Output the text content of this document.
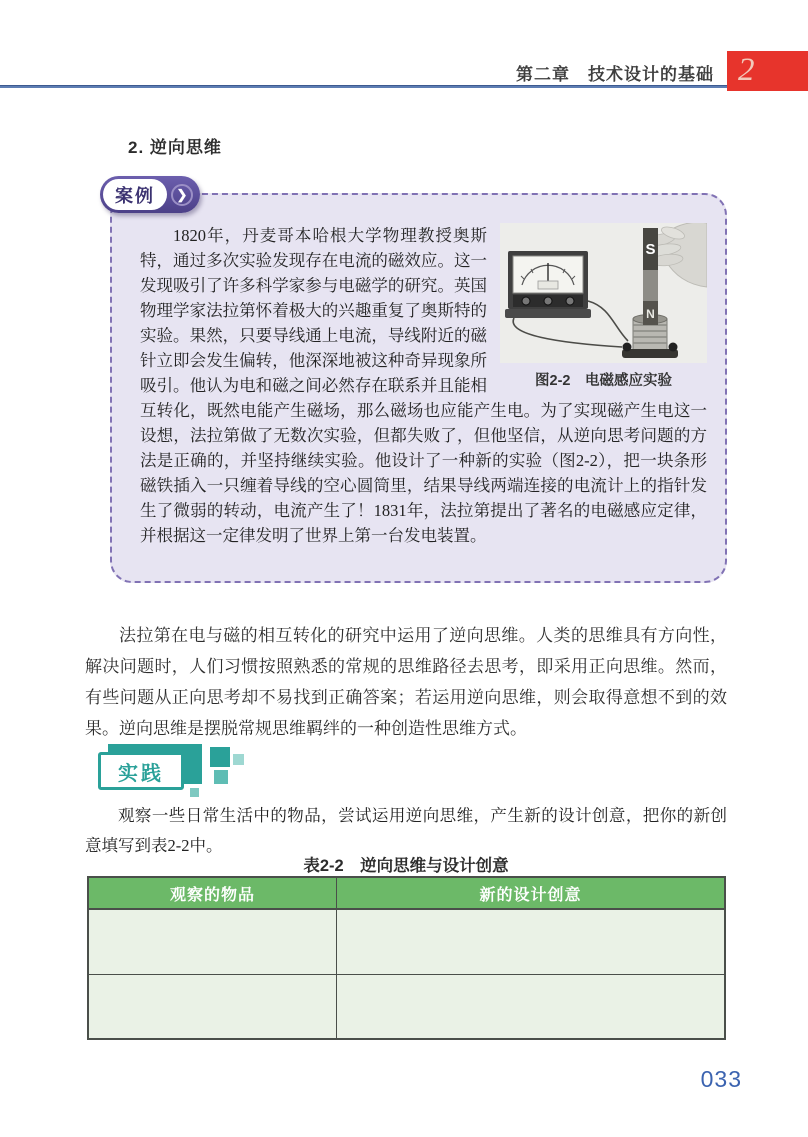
第二章　技术设计的基础 2
2. 逆向思维
案例	❯
S
N
图2-2　电磁感应实验

1820年，丹麦哥本哈根大学物理教授奥斯特，通过多次实验发现存在电流的磁效应。这一发现吸引了许多科学家参与电磁学的研究。英国物理学家法拉第怀着极大的兴趣重复了奥斯特的实验。果然，只要导线通上电流，导线附近的磁针立即会发生偏转，他深深地被这种奇异现象所吸引。他认为电和磁之间必然存在联系并且能相互转化，既然电能产生磁场，那么磁场也应能产生电。为了实现磁产生电这一设想，法拉第做了无数次实验，但都失败了，但他坚信，从逆向思考问题的方法是正确的，并坚持继续实验。他设计了一种新的实验（图2-2），把一块条形磁铁插入一只缠着导线的空心圆筒里，结果导线两端连接的电流计上的指针发生了微弱的转动，电流产生了！1831年，法拉第提出了著名的电磁感应定律，并根据这一定律发明了世界上第一台发电装置。

法拉第在电与磁的相互转化的研究中运用了逆向思维。人类的思维具有方向性，解决问题时，人们习惯按照熟悉的常规的思维路径去思考，即采用正向思维。然而，有些问题从正向思考却不易找到正确答案；若运用逆向思维，则会取得意想不到的效果。逆向思维是摆脱常规思维羁绊的一种创造性思维方式。
实践
观察一些日常生活中的物品，尝试运用逆向思维，产生新的设计创意，把你的新创意填写到表2-2中。
表2-2　逆向思维与设计创意
观察的物品	新的设计创意

033
